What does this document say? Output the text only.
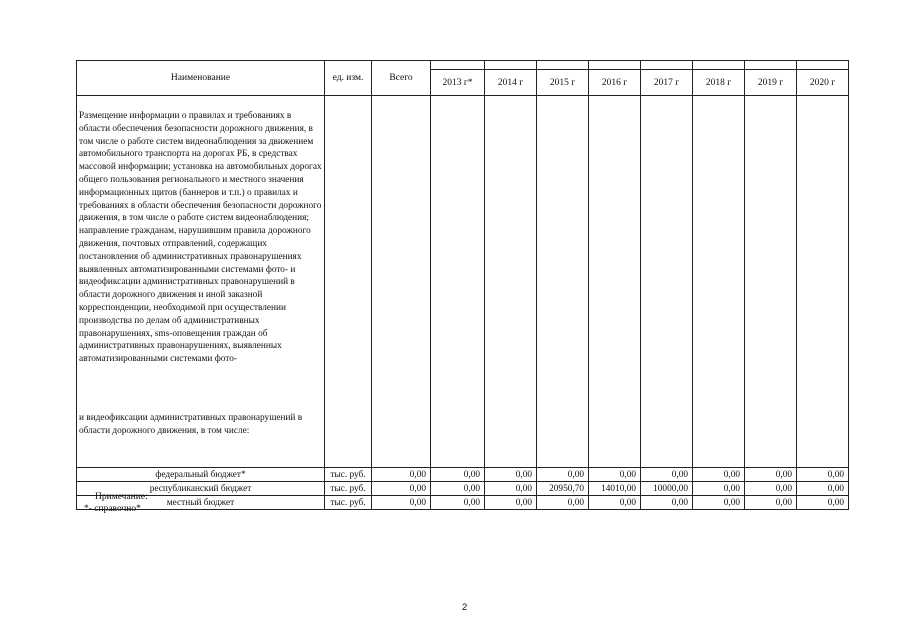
Наименование	ед. изм.	Всего								
			2013 г*	2014 г	2015 г	2016 г	2017 г	2018 г	2019 г	2020 г

Размещение информации о правилах и требованиях в области обеспечения безопасности дорожного движения, в том числе о работе систем видеонаблюдения за движением автомобильного транспорта на дорогах РБ, в средствах массовой информации; установка на автомобильных дорогах общего пользования регионального и местного значения информационных щитов (баннеров и т.п.) о правилах и требованиях в области обеспечения безопасности дорожного движения, в том числе о работе систем видеонаблюдения; направление гражданам, нарушившим правила дорожного движения, почтовых отправлений, содержащих постановления об административных правонарушениях выявленных автоматизированными системами фото- и видеофиксации административных правонарушений в области дорожного движения и иной заказной корреспонденции, необходимой при осуществлении производства по делам об административных правонарушениях, sms-оповещения граждан об административных правонарушениях, выявленных автоматизированными системами фото-
и видеофиксации административных правонарушений в области дорожного движения, в том числе:										

федеральный бюджет*	тыс. руб.	0,00	0,00	0,00	0,00	0,00	0,00	0,00	0,00	0,00
республиканский бюджет	тыс. руб.	0,00	0,00	0,00	20950,70	14010,00	10000,00	0,00	0,00	0,00
местный бюджет	тыс. руб.	0,00	0,00	0,00	0,00	0,00	0,00	0,00	0,00	0,00
Примечание:
*- справочно*
2
